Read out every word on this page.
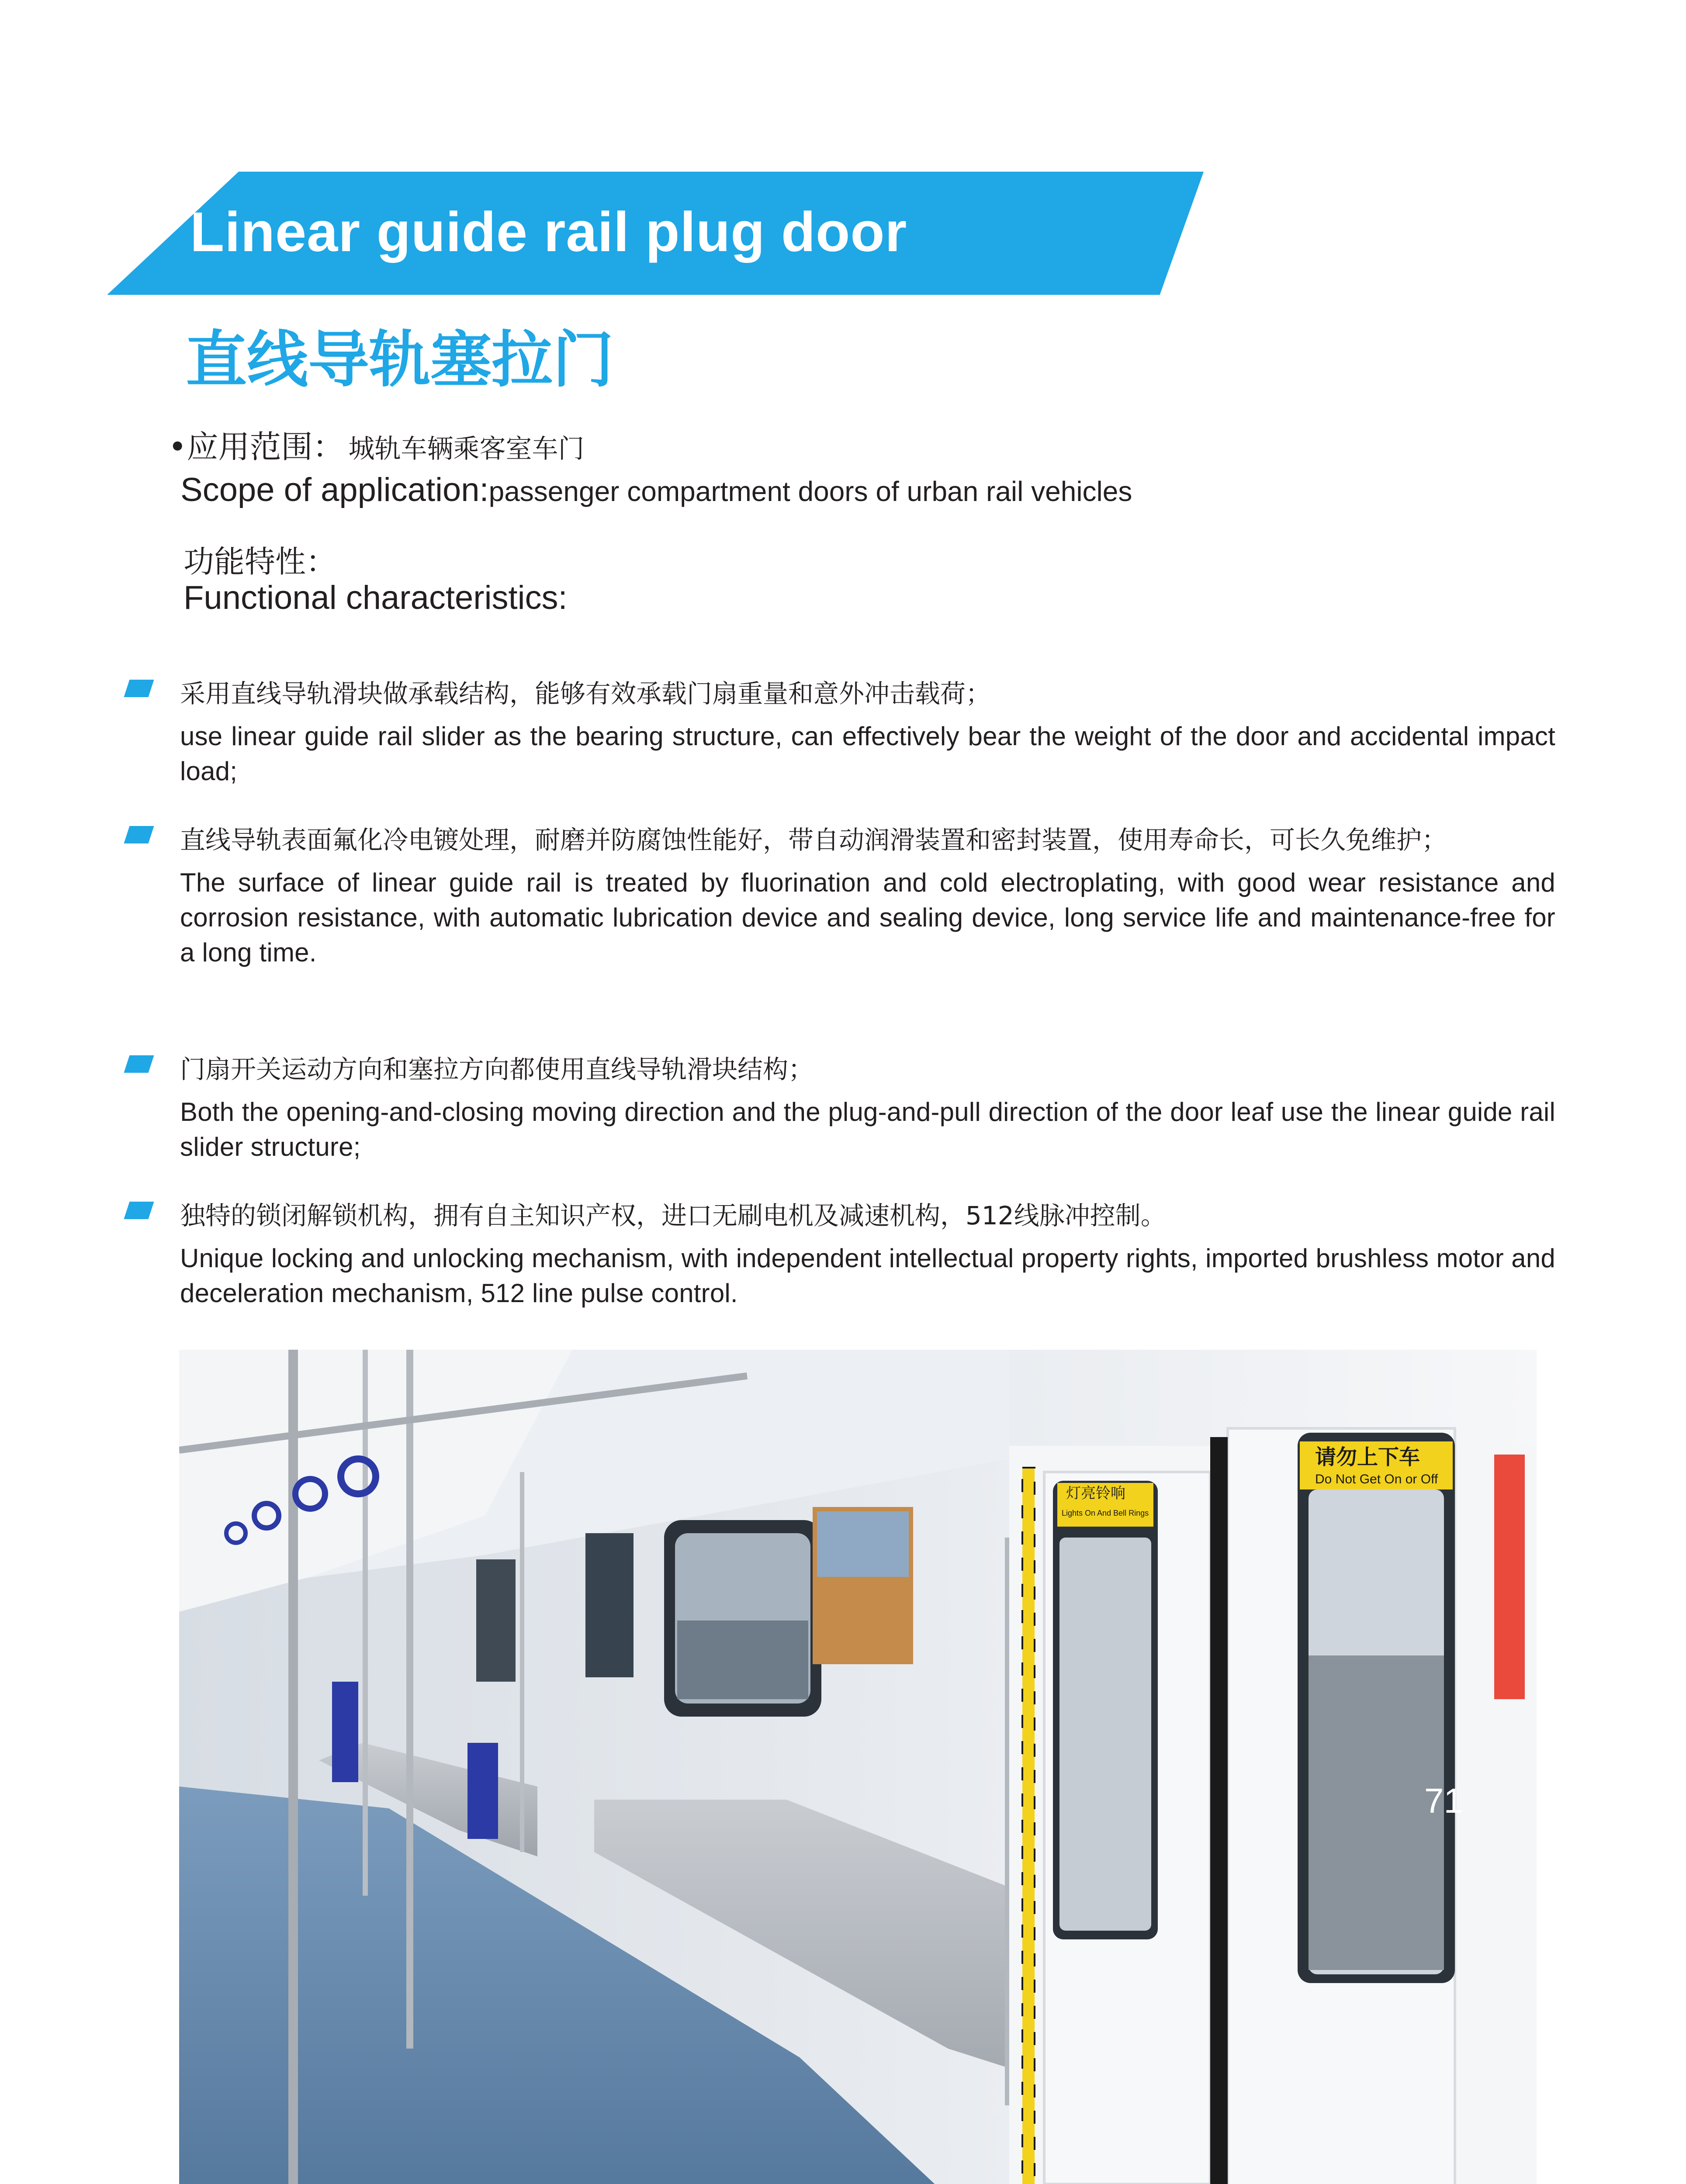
Linear guide rail plug door
直线导轨塞拉门
•应用范围： 城轨车辆乘客室车门
Scope of application:passenger compartment doors of urban rail vehicles
功能特性：
Functional characteristics:
采用直线导轨滑块做承载结构，能够有效承载门扇重量和意外冲击载荷；
use linear guide rail slider as the bearing structure, can effectively bear the weight of the door and accidental impact load;
直线导轨表面氟化冷电镀处理，耐磨并防腐蚀性能好，带自动润滑装置和密封装置，使用寿命长，可长久免维护；
The surface of linear guide rail is treated by fluorination and cold electroplating, with good wear resistance and corrosion resistance, with automatic lubrication device and sealing device, long service life and maintenance-free for a long time.
门扇开关运动方向和塞拉方向都使用直线导轨滑块结构；
Both the opening-and-closing moving direction and the plug-and-pull direction of the door leaf use the linear guide rail slider structure;
独特的锁闭解锁机构，拥有自主知识产权，进口无刷电机及减速机构，512线脉冲控制。
Unique locking and unlocking mechanism, with independent intellectual property rights, imported brushless motor and deceleration mechanism, 512 line pulse control.
71
请勿上下车
Do Not Get On or Off
灯亮铃响
Lights On And Bell Rings
